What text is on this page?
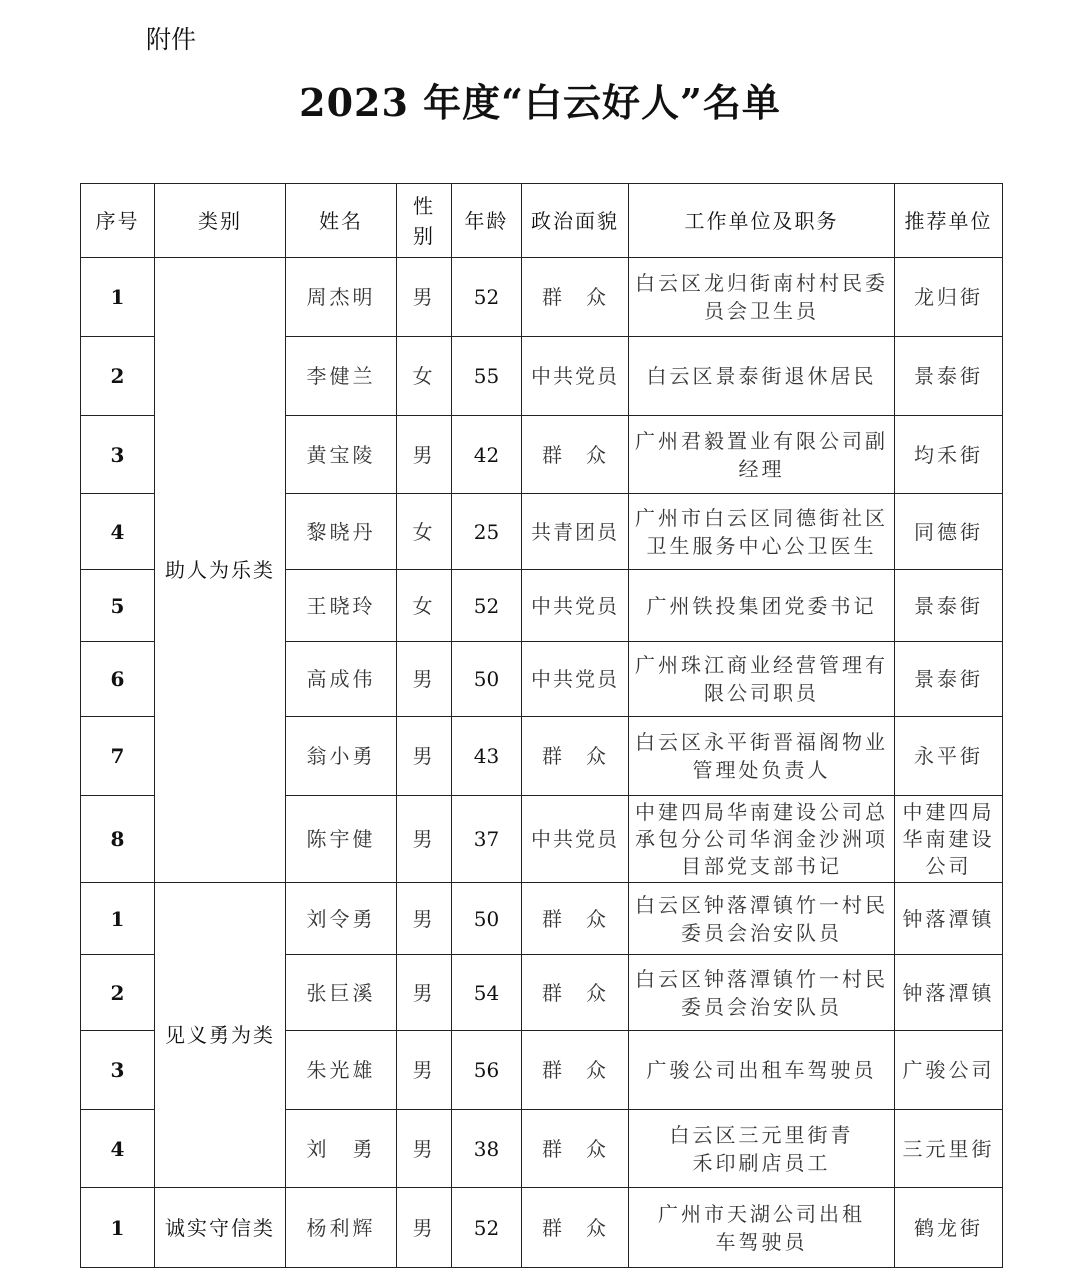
附件
2023 年度“白云好人”名单
序号	类别	姓名	性别	年龄	政治面貌	工作单位及职务	推荐单位
1	助人为乐类	周杰明	男	52	群　众	白云区龙归街南村村民委员会卫生员	龙归街
2		李健兰	女	55	中共党员	白云区景泰街退休居民	景泰街
3		黄宝陵	男	42	群　众	广州君毅置业有限公司副经理	均禾街
4		黎晓丹	女	25	共青团员	广州市白云区同德街社区卫生服务中心公卫医生	同德街
5		王晓玲	女	52	中共党员	广州铁投集团党委书记	景泰街
6		高成伟	男	50	中共党员	广州珠江商业经营管理有限公司职员	景泰街
7		翁小勇	男	43	群　众	白云区永平街晋福阁物业管理处负责人	永平街
8		陈宇健	男	37	中共党员	中建四局华南建设公司总承包分公司华润金沙洲项目部党支部书记	中建四局华南建设公司
1	见义勇为类	刘令勇	男	50	群　众	白云区钟落潭镇竹一村民委员会治安队员	钟落潭镇
2		张巨溪	男	54	群　众	白云区钟落潭镇竹一村民委员会治安队员	钟落潭镇
3		朱光雄	男	56	群　众	广骏公司出租车驾驶员	广骏公司
4		刘　勇	男	38	群　众	白云区三元里街青禾印刷店员工	三元里街
1	诚实守信类	杨利辉	男	52	群　众	广州市天湖公司出租车驾驶员	鹤龙街
